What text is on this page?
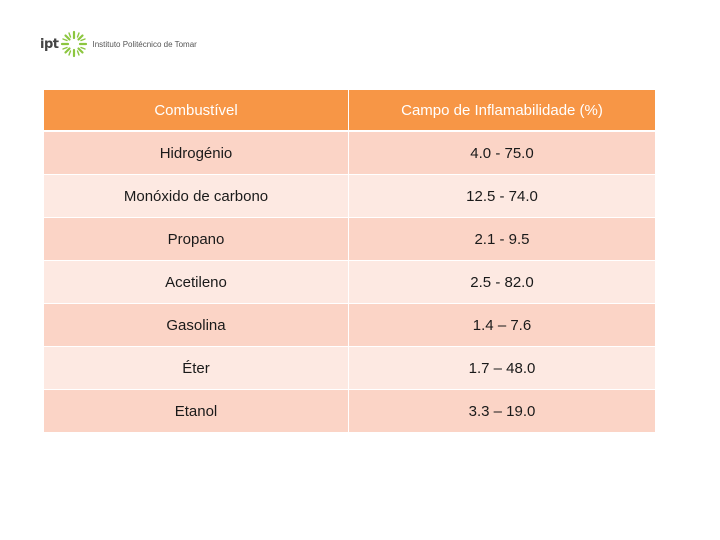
ipt	Instituto Politécnico de Tomar
Combustível	Campo de Inflamabilidade (%)
Hidrogénio	4.0 - 75.0
Monóxido de carbono	12.5 - 74.0
Propano	2.1 - 9.5
Acetileno	2.5 - 82.0
Gasolina	1.4 – 7.6
Éter	1.7 – 48.0
Etanol	3.3 – 19.0
